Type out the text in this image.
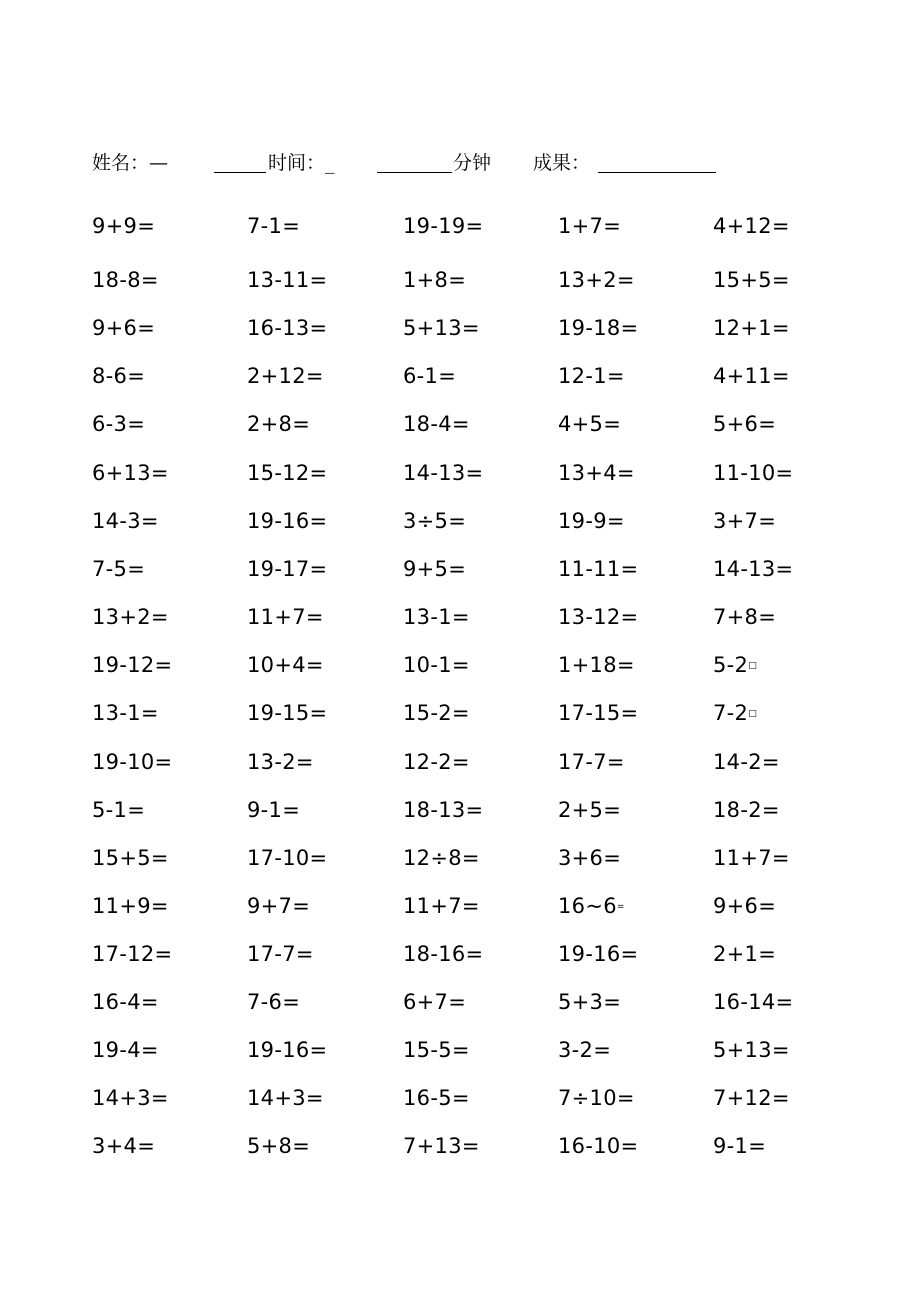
姓名：—	时间：_	分钟 成果：
9+9=	7-1=	19-19=	1+7=	4+12=
18-8=	13-11=	1+8=	13+2=	15+5=
9+6=	16-13=	5+13=	19-18=	12+1=
8-6=	2+12=	6-1=	12-1=	4+11=
6-3=	2+8=	18-4=	4+5=	5+6=
6+13=	15-12=	14-13=	13+4=	11-10=
14-3=	19-16=	3÷5=	19-9=	3+7=
7-5=	19-17=	9+5=	11-11=	14-13=
13+2=	11+7=	13-1=	13-12=	7+8=
19-12=	10+4=	10-1=	1+18=	5-2□
13-1=	19-15=	15-2=	17-15=	7-2□
19-10=	13-2=	12-2=	17-7=	14-2=
5-1=	9-1=	18-13=	2+5=	18-2=
15+5=	17-10=	12÷8=	3+6=	11+7=
11+9=	9+7=	11+7=	16~6=	9+6=
17-12=	17-7=	18-16=	19-16=	2+1=
16-4=	7-6=	6+7=	5+3=	16-14=
19-4=	19-16=	15-5=	3-2=	5+13=
14+3=	14+3=	16-5=	7÷10=	7+12=
3+4=	5+8=	7+13=	16-10=	9-1=
